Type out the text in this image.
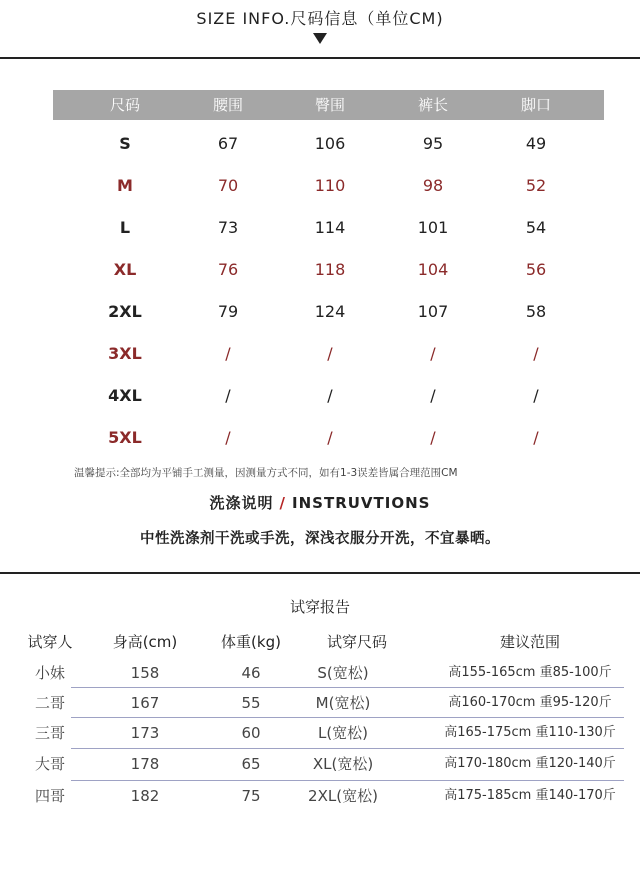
SIZE INFO.尺码信息（单位CM)
尺码	腰围	臀围	裤长	脚口
S	67	106	95	49
M	70	110	98	52
L	73	114	101	54
XL	76	118	104	56
2XL	79	124	107	58
3XL	/	/	/	/
4XL	/	/	/	/
5XL	/	/	/	/
温馨提示:全部均为平铺手工测量，因测量方式不同，如有1-3误差皆属合理范围CM
洗涤说明 / INSTRUVTIONS
中性洗涤剂干洗或手洗，深浅衣服分开洗，不宜暴晒。
试穿报告
试穿人	身高(cm)	体重(kg)	试穿尺码	建议范围
小妹	158	46	S(宽松)	高155-165cm 重85-100斤
二哥	167	55	M(宽松)	高160-170cm 重95-120斤
三哥	173	60	L(宽松)	高165-175cm 重110-130斤
大哥	178	65	XL(宽松)	高170-180cm 重120-140斤
四哥	182	75	2XL(宽松)	高175-185cm 重140-170斤
